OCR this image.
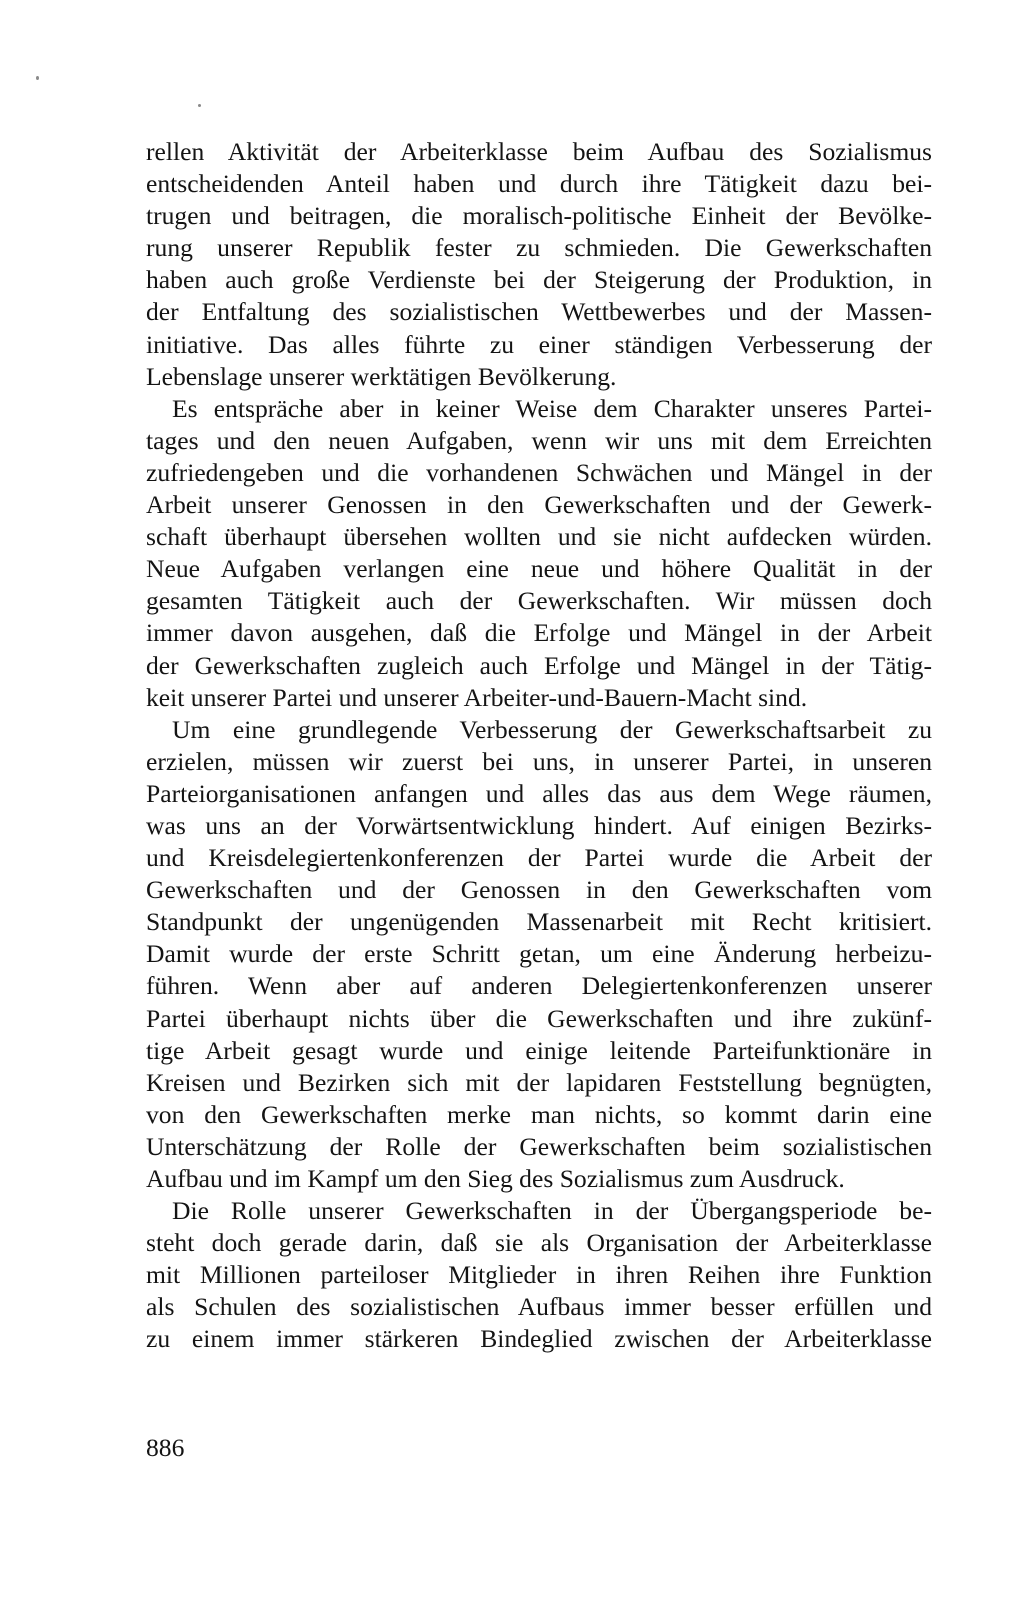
rellen Aktivität der Arbeiterklasse beim Aufbau des Sozialismus
entscheidenden Anteil haben und durch ihre Tätigkeit dazu bei-
trugen und beitragen, die moralisch-politische Einheit der Bevölke-
rung unserer Republik fester zu schmieden. Die Gewerkschaften
haben auch große Verdienste bei der Steigerung der Produktion, in
der Entfaltung des sozialistischen Wettbewerbes und der Massen-
initiative. Das alles führte zu einer ständigen Verbesserung der
Lebenslage unserer werktätigen Bevölkerung.

Es entspräche aber in keiner Weise dem Charakter unseres Partei-
tages und den neuen Aufgaben, wenn wir uns mit dem Erreichten
zufriedengeben und die vorhandenen Schwächen und Mängel in der
Arbeit unserer Genossen in den Gewerkschaften und der Gewerk-
schaft überhaupt übersehen wollten und sie nicht aufdecken würden.
Neue Aufgaben verlangen eine neue und höhere Qualität in der
gesamten Tätigkeit auch der Gewerkschaften. Wir müssen doch
immer davon ausgehen, daß die Erfolge und Mängel in der Arbeit
der Gewerkschaften zugleich auch Erfolge und Mängel in der Tätig-
keit unserer Partei und unserer Arbeiter-und-Bauern-Macht sind.

Um eine grundlegende Verbesserung der Gewerkschaftsarbeit zu
erzielen, müssen wir zuerst bei uns, in unserer Partei, in unseren
Parteiorganisationen anfangen und alles das aus dem Wege räumen,
was uns an der Vorwärtsentwicklung hindert. Auf einigen Bezirks-
und Kreisdelegiertenkonferenzen der Partei wurde die Arbeit der
Gewerkschaften und der Genossen in den Gewerkschaften vom
Standpunkt der ungenügenden Massenarbeit mit Recht kritisiert.
Damit wurde der erste Schritt getan, um eine Änderung herbeizu-
führen. Wenn aber auf anderen Delegiertenkonferenzen unserer
Partei überhaupt nichts über die Gewerkschaften und ihre zukünf-
tige Arbeit gesagt wurde und einige leitende Parteifunktionäre in
Kreisen und Bezirken sich mit der lapidaren Feststellung begnügten,
von den Gewerkschaften merke man nichts, so kommt darin eine
Unterschätzung der Rolle der Gewerkschaften beim sozialistischen
Aufbau und im Kampf um den Sieg des Sozialismus zum Ausdruck.

Die Rolle unserer Gewerkschaften in der Übergangsperiode be-
steht doch gerade darin, daß sie als Organisation der Arbeiterklasse
mit Millionen parteiloser Mitglieder in ihren Reihen ihre Funktion
als Schulen des sozialistischen Aufbaus immer besser erfüllen und
zu einem immer stärkeren Bindeglied zwischen der Arbeiterklasse

886
